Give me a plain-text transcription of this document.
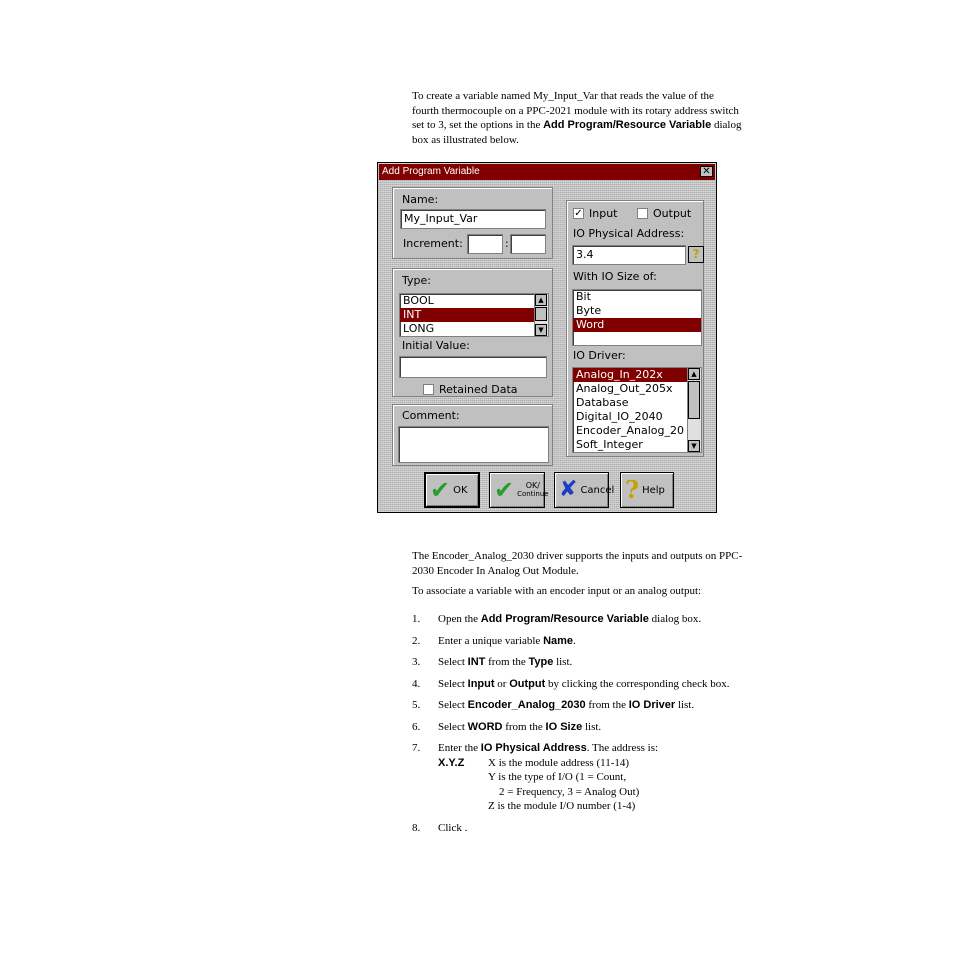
To create a variable named My_Input_Var that reads the value of the fourth thermocouple on a PPC-2021 module with its rotary address switch set to 3, set the options in the Add Program/Resource Variable dialog box as illustrated below.
Add Program Variable	✕
Name:
My_Input_Var
Increment:	:
Type:
BOOL
INT
LONG
▲
▼
Initial Value:
Retained Data
Comment:
✓ Input	Output
IO Physical Address:
3.4	?
With IO Size of:
Bit
Byte
Word
IO Driver:
Analog_In_202x
Analog_Out_205x
Database
Digital_IO_2040
Encoder_Analog_20
Soft_Integer
▲
▼
✔ OK ✔ OK/
Continue ✘ Cancel ? Help

The Encoder_Analog_2030 driver supports the inputs and outputs on PPC-2030 Encoder In Analog Out Module.

To associate a variable with an encoder input or an analog output:

1. Open the Add Program/Resource Variable dialog box.
2. Enter a unique variable Name.
3. Select INT from the Type list.
4. Select Input or Output by clicking the corresponding check box.
5. Select Encoder_Analog_2030 from the IO Driver list.
6. Select WORD from the IO Size list.
7. Enter the IO Physical Address. The address is:
X.Y.Z	X is the module address (11-14)
Y is the type of I/O (1 = Count,
2 = Frequency, 3 = Analog Out)
Z is the module I/O number (1-4)
8. Click .
